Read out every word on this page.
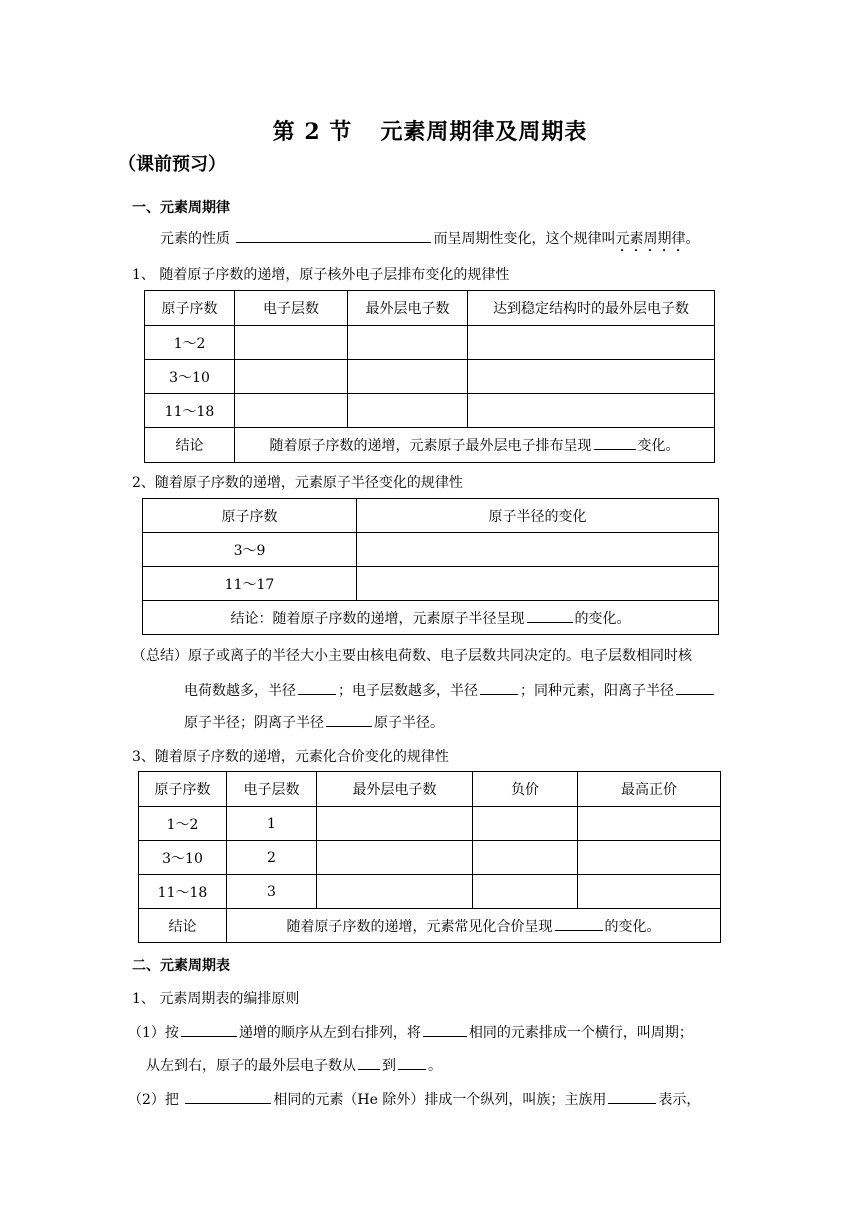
第 2 节 元素周期律及周期表
（课前预习）
一、元素周期律
元素的性质	而呈周期性变化，这个规律叫元素周期律。
1、 随着原子序数的递增，原子核外电子层排布变化的规律性
原子序数	电子层数	最外层电子数	达到稳定结构时的最外层电子数
1～2			
3～10			
11～18			
结论	随着原子序数的递增，元素原子最外层电子排布呈现 变化。		
2、随着原子序数的递增，元素原子半径变化的规律性
原子序数	原子半径的变化
3～9	
11～17	
结论：随着原子序数的递增，元素原子半径呈现 的变化。	
（总结）原子或离子的半径大小主要由核电荷数、电子层数共同决定的。电子层数相同时核
电荷数越多，半径	；电子层数越多，半径	；同种元素，阳离子半径
原子半径；阴离子半径	原子半径。
3、随着原子序数的递增，元素化合价变化的规律性
原子序数	电子层数	最外层电子数	负价	最高正价
1～2	1			
3～10	2			
11～18	3			
结论	随着原子序数的递增，元素常见化合价呈现 的变化。			
二、元素周期表
1、 元素周期表的编排原则
（1）按	递增的顺序从左到右排列，将	相同的元素排成一个横行，叫周期；
从左到右，原子的最外层电子数从 到 。
（2）把	相同的元素（He 除外）排成一个纵列，叫族；主族用	表示，
